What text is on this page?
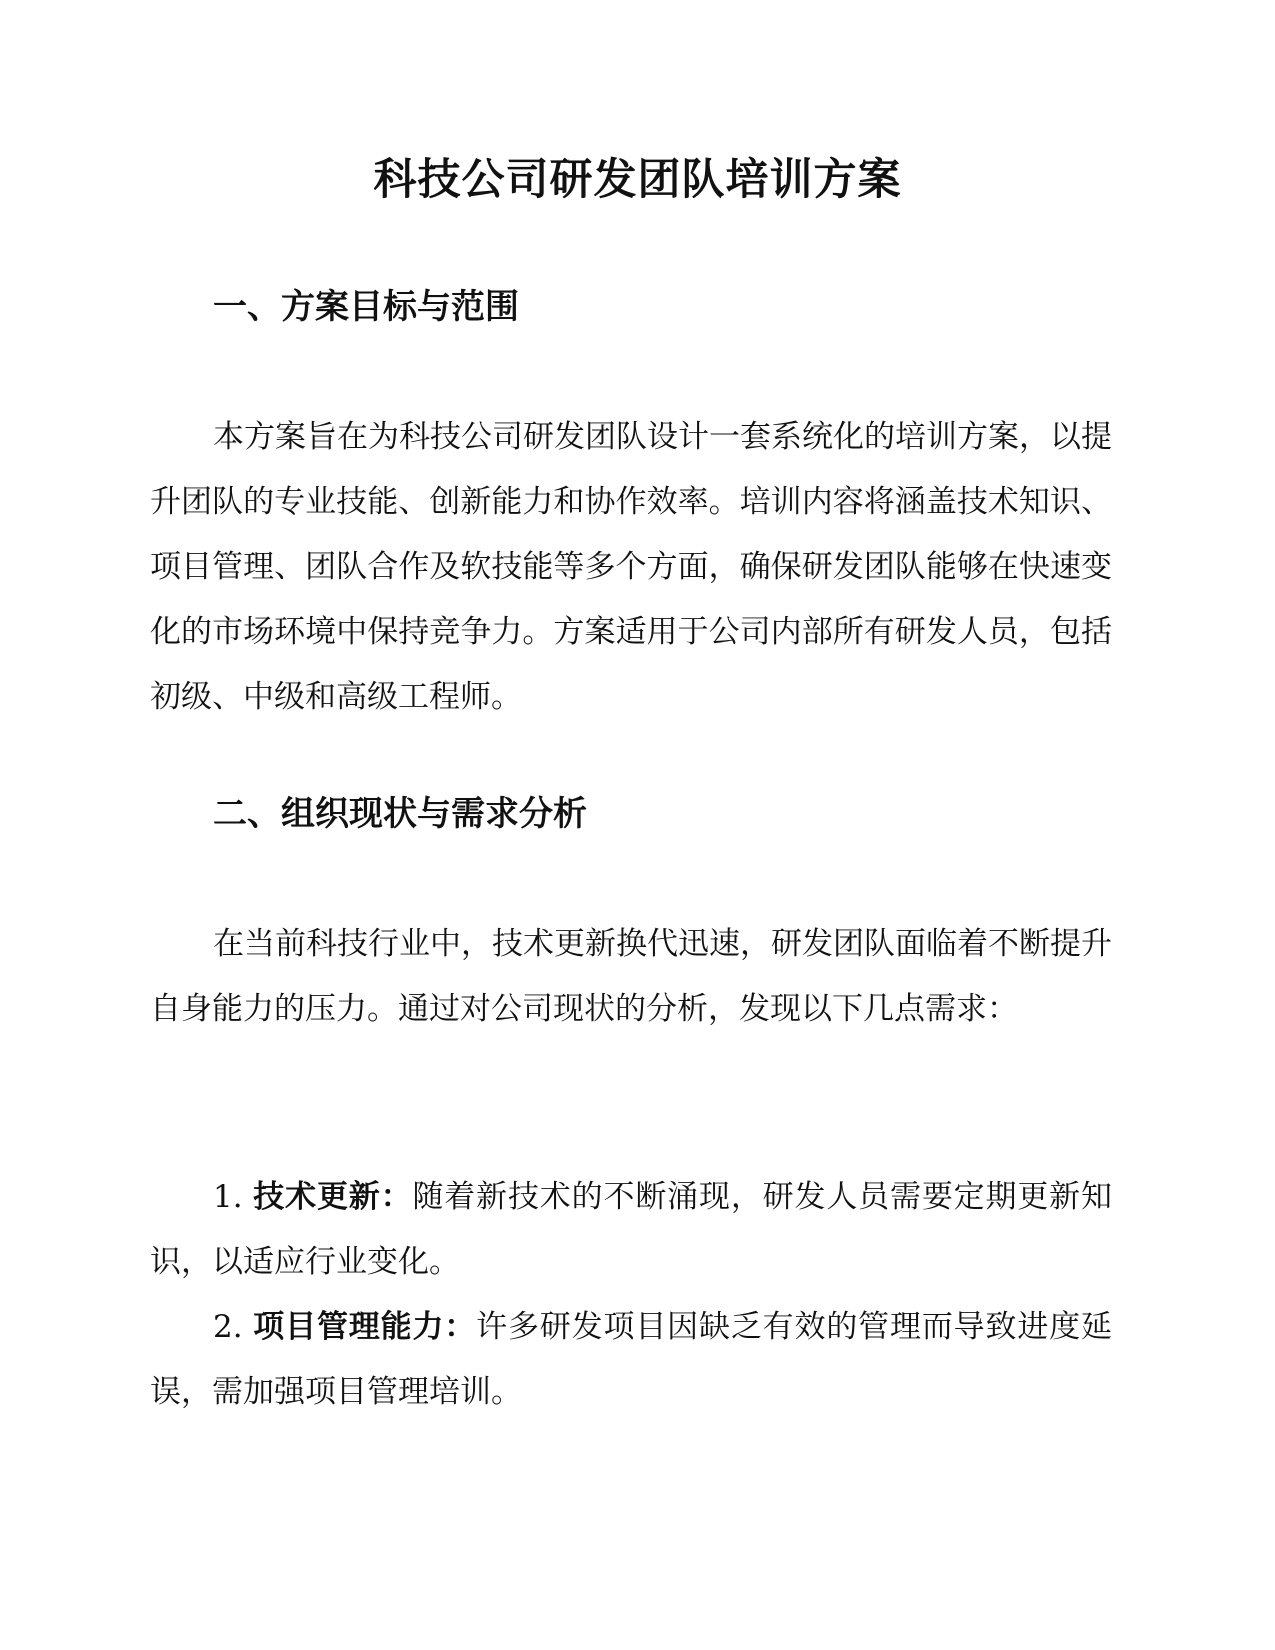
科技公司研发团队培训方案
一、方案目标与范围

本方案旨在为科技公司研发团队设计一套系统化的培训方案，以提升团队的专业技能、创新能力和协作效率。培训内容将涵盖技术知识、项目管理、团队合作及软技能等多个方面，确保研发团队能够在快速变化的市场环境中保持竞争力。方案适用于公司内部所有研发人员，包括初级、中级和高级工程师。

二、组织现状与需求分析

在当前科技行业中，技术更新换代迅速，研发团队面临着不断提升自身能力的压力。通过对公司现状的分析，发现以下几点需求：

1. 技术更新：随着新技术的不断涌现，研发人员需要定期更新知识，以适应行业变化。

2. 项目管理能力：许多研发项目因缺乏有效的管理而导致进度延误，需加强项目管理培训。
